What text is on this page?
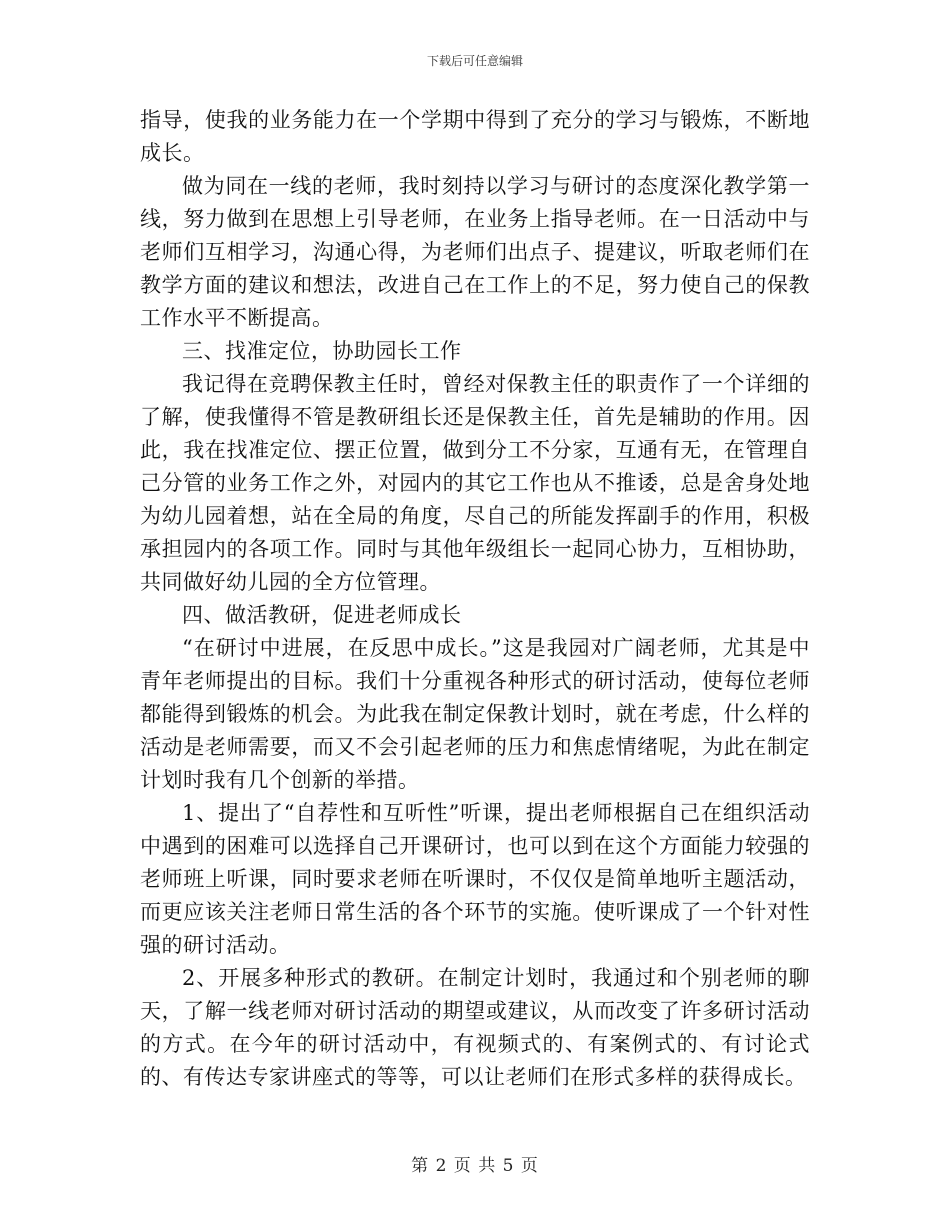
下载后可任意编辑

指导，使我的业务能力在一个学期中得到了充分的学习与锻炼，不断地成长。

做为同在一线的老师，我时刻持以学习与研讨的态度深化教学第一线，努力做到在思想上引导老师，在业务上指导老师。在一日活动中与老师们互相学习，沟通心得，为老师们出点子、提建议，听取老师们在教学方面的建议和想法，改进自己在工作上的不足，努力使自己的保教工作水平不断提高。

三、找准定位，协助园长工作

我记得在竞聘保教主任时，曾经对保教主任的职责作了一个详细的了解，使我懂得不管是教研组长还是保教主任，首先是辅助的作用。因此，我在找准定位、摆正位置，做到分工不分家，互通有无，在管理自己分管的业务工作之外，对园内的其它工作也从不推诿，总是舍身处地为幼儿园着想，站在全局的角度，尽自己的所能发挥副手的作用，积极承担园内的各项工作。同时与其他年级组长一起同心协力，互相协助，共同做好幼儿园的全方位管理。

四、做活教研，促进老师成长

“在研讨中进展，在反思中成长。”这是我园对广阔老师，尤其是中青年老师提出的目标。我们十分重视各种形式的研讨活动，使每位老师都能得到锻炼的机会。为此我在制定保教计划时，就在考虑，什么样的活动是老师需要，而又不会引起老师的压力和焦虑情绪呢，为此在制定计划时我有几个创新的举措。

1、提出了“自荐性和互听性”听课，提出老师根据自己在组织活动中遇到的困难可以选择自己开课研讨，也可以到在这个方面能力较强的老师班上听课，同时要求老师在听课时，不仅仅是简单地听主题活动，而更应该关注老师日常生活的各个环节的实施。使听课成了一个针对性强的研讨活动。

2、开展多种形式的教研。在制定计划时，我通过和个别老师的聊天，了解一线老师对研讨活动的期望或建议，从而改变了许多研讨活动的方式。在今年的研讨活动中，有视频式的、有案例式的、有讨论式的、有传达专家讲座式的等等，可以让老师们在形式多样的获得成长。

第 2 页 共 5 页
